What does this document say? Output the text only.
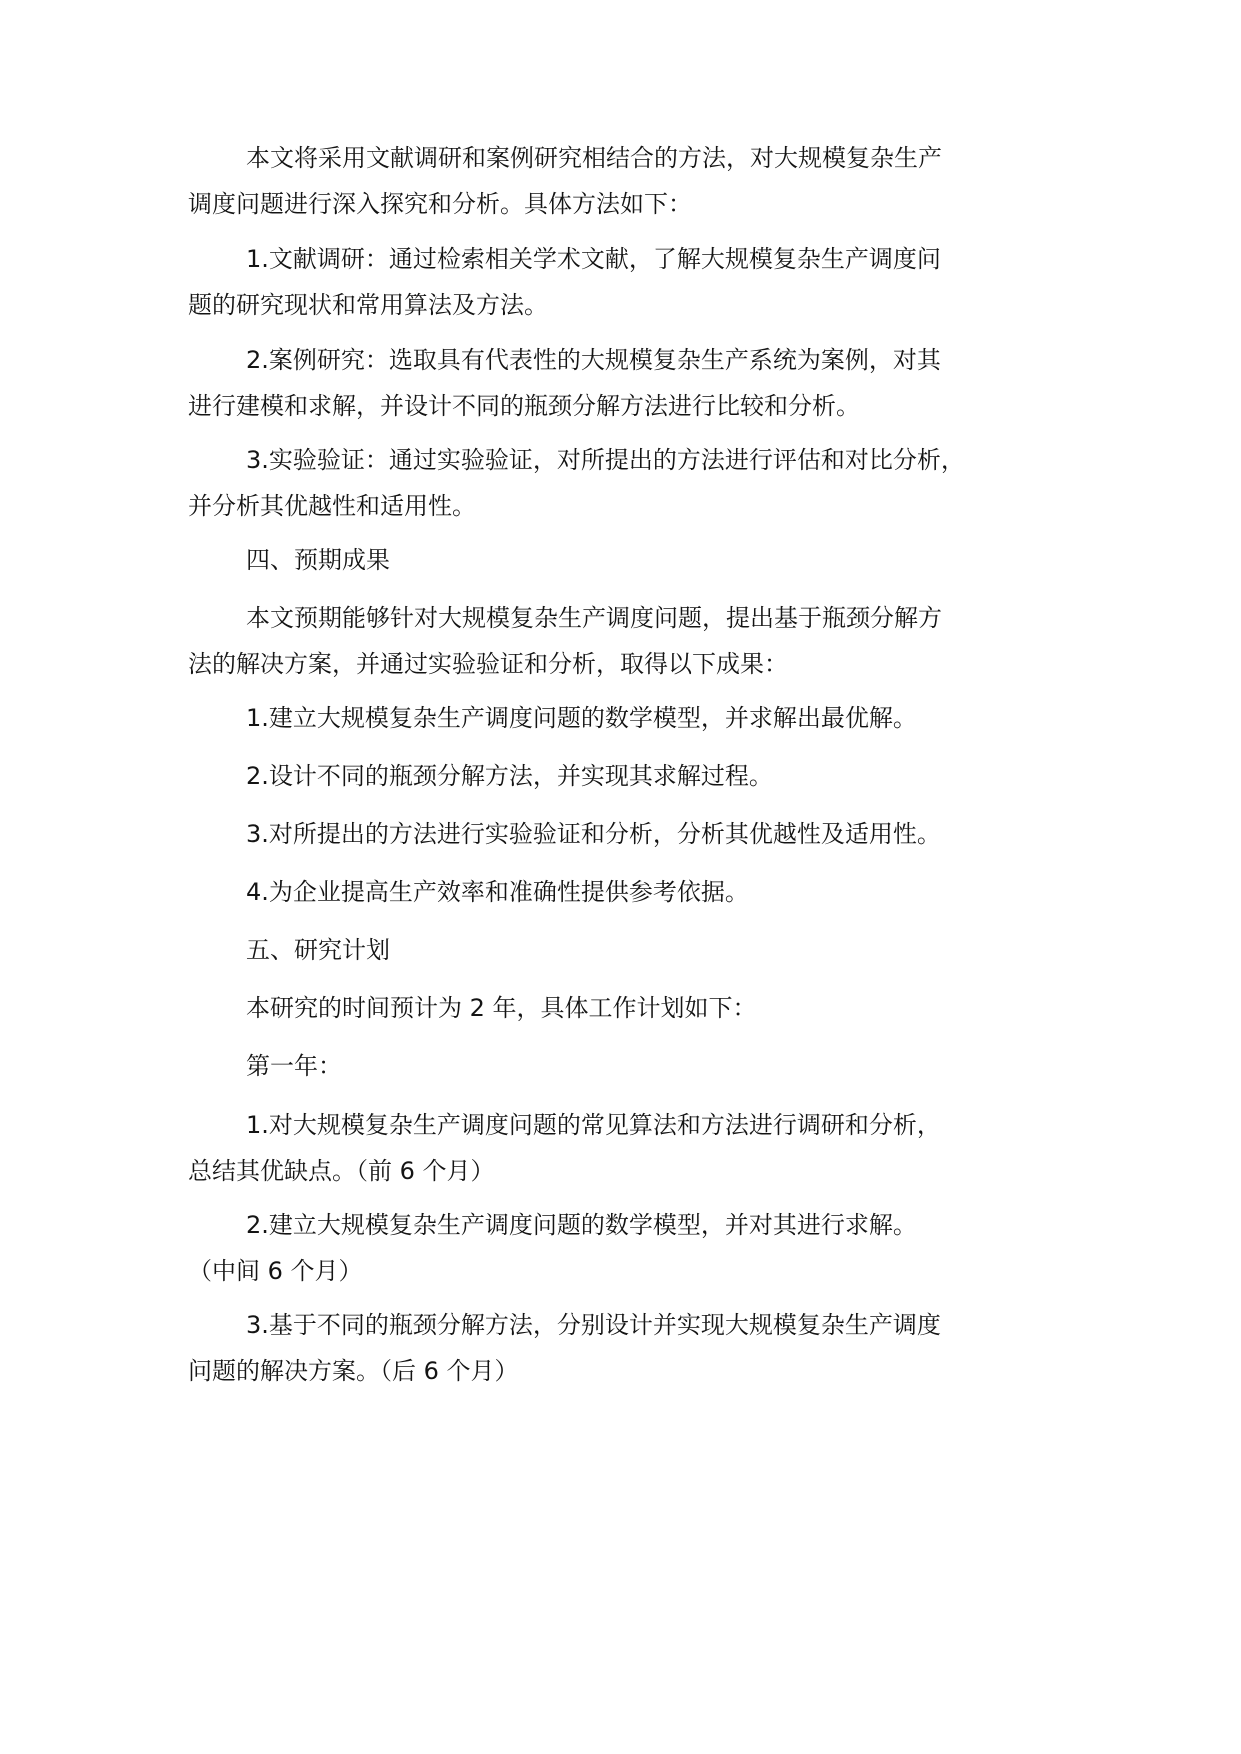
本文将采用文献调研和案例研究相结合的方法，对大规模复杂生产
调度问题进行深入探究和分析。具体方法如下：

1.文献调研：通过检索相关学术文献，了解大规模复杂生产调度问
题的研究现状和常用算法及方法。

2.案例研究：选取具有代表性的大规模复杂生产系统为案例，对其
进行建模和求解，并设计不同的瓶颈分解方法进行比较和分析。

3.实验验证：通过实验验证，对所提出的方法进行评估和对比分析，
并分析其优越性和适用性。

四、预期成果

本文预期能够针对大规模复杂生产调度问题，提出基于瓶颈分解方
法的解决方案，并通过实验验证和分析，取得以下成果：

1.建立大规模复杂生产调度问题的数学模型，并求解出最优解。

2.设计不同的瓶颈分解方法，并实现其求解过程。

3.对所提出的方法进行实验验证和分析，分析其优越性及适用性。

4.为企业提高生产效率和准确性提供参考依据。

五、研究计划

本研究的时间预计为 2 年，具体工作计划如下：

第一年：

1.对大规模复杂生产调度问题的常见算法和方法进行调研和分析，
总结其优缺点。（前 6 个月）

2.建立大规模复杂生产调度问题的数学模型，并对其进行求解。
（中间 6 个月）

3.基于不同的瓶颈分解方法，分别设计并实现大规模复杂生产调度
问题的解决方案。（后 6 个月）
